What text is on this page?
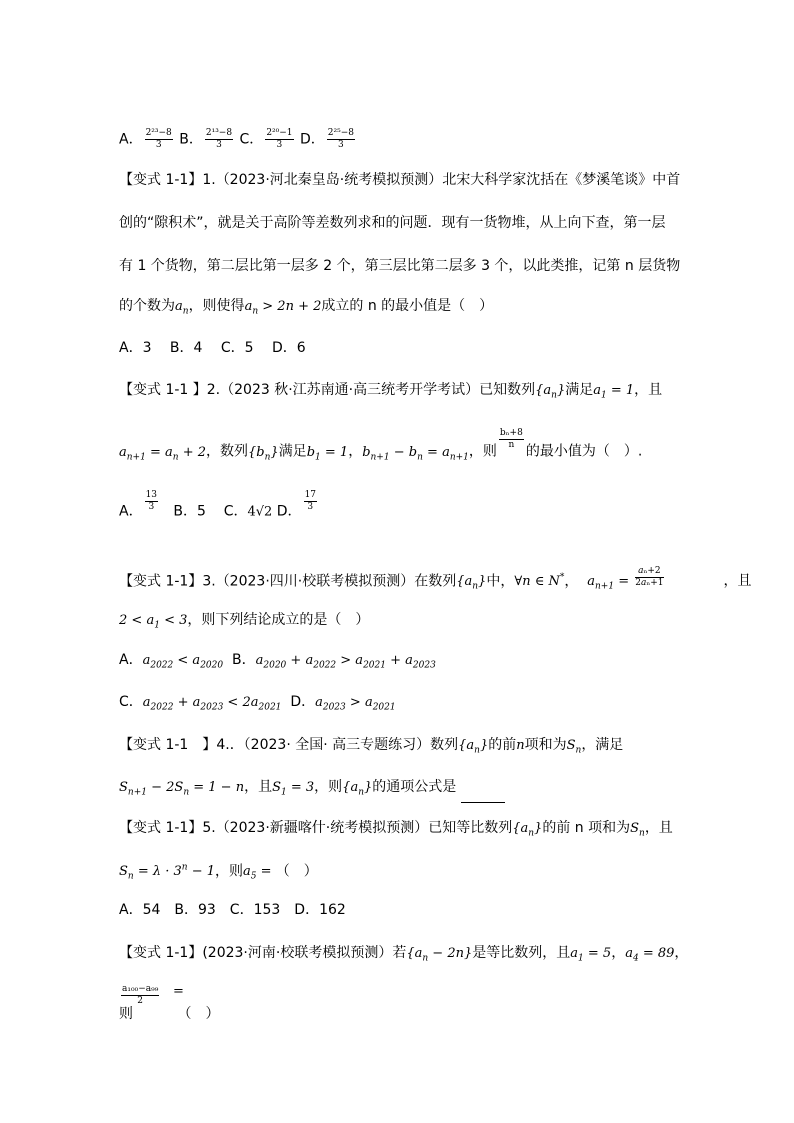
A． $\frac{\text{2²³−8}}{3}$ B． $\frac{\text{2¹³−8}}{3}$ C． $\frac{\text{2²⁰−1}}{3}$ D． $\frac{\text{2²⁵−8}}{3}$
【变式 1-1】1.（2023·河北秦皇岛·统考模拟预测）北宋大科学家沈括在《梦溪笔谈》中首
创的“隙积术”，就是关于高阶等差数列求和的问题．现有一货物堆，从上向下查，第一层
有 1 个货物，第二层比第一层多 2 个，第三层比第二层多 3 个，以此类推，记第 n 层货物
的个数为$a_n$，则使得$a_n > 2n + 2$成立的 n 的最小值是（　）
A．3　 B．4　 C．5　 D．6
【变式 1-1 】2.（2023 秋·江苏南通·高三统考开学考试）已知数列$\{a_n\}$满足$a_1 = 1$，且
$a_{n+1} = a_n + 2$，数列$\{b_n\}$满足$b_1 = 1$，$b_{n+1} - b_n = a_{n+1}$，则
$\frac{\text{bₙ+8}}{n}$
的最小值为（　）.
A． $\frac{13}{3}$ B．5 C．4√2 D． $\frac{17}{3}$
【变式 1-1】3.（2023·四川·校联考模拟预测）在数列$\{a_n\}$中，∀n ∈ N*， $a_{n+1} = \frac{\text{aₙ+2}}{\text{2aₙ+1}}$	，且
$2 < a_1 < 3$，则下列结论成立的是（　）
A．$a_{2022} < a_{2020}$ B．$a_{2020} + a_{2022} > a_{2021} + a_{2023}$
C．$a_{2022} + a_{2023} < 2a_{2021}$ D．$a_{2023} > a_{2021}$
【变式 1-1　】4.．（2023· 全国· 高三专题练习）数列$\{a_n\}$的前n项和为$S_n$，满足
$S_{n+1} - 2S_n = 1 - n$，且$S_1 = 3$，则$\{a_n\}$的通项公式是
【变式 1-1】5.（2023·新疆喀什·统考模拟预测）已知等比数列$\{a_n\}$的前 n 项和为$S_n$，且
$S_n = \lambda \cdot 3^n - 1$，则$a_5$ = （　）
A．54　B．93　C．153　D．162
【变式 1-1】(2023·河南·校联考模拟预测）若$\{a_n - 2n\}$是等比数列，且$a_1 = 5$，$a_4 = 89$，
$\frac{\text{a₁₀₀−a₉₉}}{2}$ =
则	（　）
